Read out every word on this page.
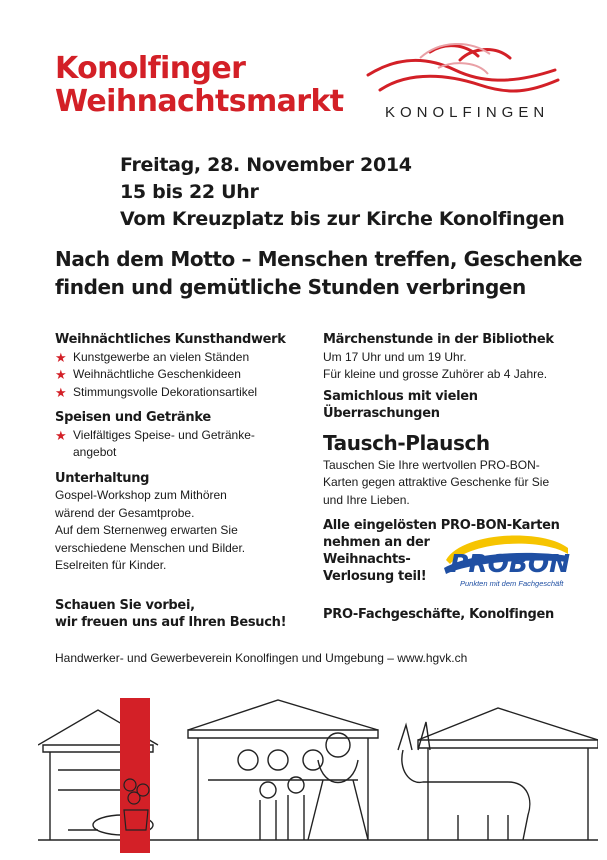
Konolfinger
Weihnachtsmarkt	KONOLFINGEN
Freitag, 28. November 2014
15 bis 22 Uhr
Vom Kreuzplatz bis zur Kirche Konolfingen
Nach dem Motto – Menschen treffen, Geschenke
finden und gemütliche Stunden verbringen
Weihnächtliches Kunsthandwerk
★ Kunstgewerbe an vielen Ständen
★ Weihnächtliche Geschenkideen
★ Stimmungsvolle Dekorationsartikel
Speisen und Getränke
★ Vielfältiges Speise- und Getränke-
angebot
Unterhaltung
Gospel-Workshop zum Mithören
wärend der Gesamtprobe.
Auf dem Sternenweg erwarten Sie
verschiedene Menschen und Bilder.
Eselreiten für Kinder.
Schauen Sie vorbei,
wir freuen uns auf Ihren Besuch!
Märchenstunde in der Bibliothek
Um 17 Uhr und um 19 Uhr.
Für kleine und grosse Zuhörer ab 4 Jahre.
Samichlous mit vielen Überraschungen
Tausch-Plausch
Tauschen Sie Ihre wertvollen PRO-BON-
Karten gegen attraktive Geschenke für Sie
und Ihre Lieben.
Alle eingelösten PRO-BON-Karten
nehmen an der
Weihnachts-
Verlosung teil!
PRO-Fachgeschäfte, Konolfingen
PROBON
Punkten mit dem Fachgeschäft
Handwerker- und Gewerbeverein Konolfingen und Umgebung – www.hgvk.ch
